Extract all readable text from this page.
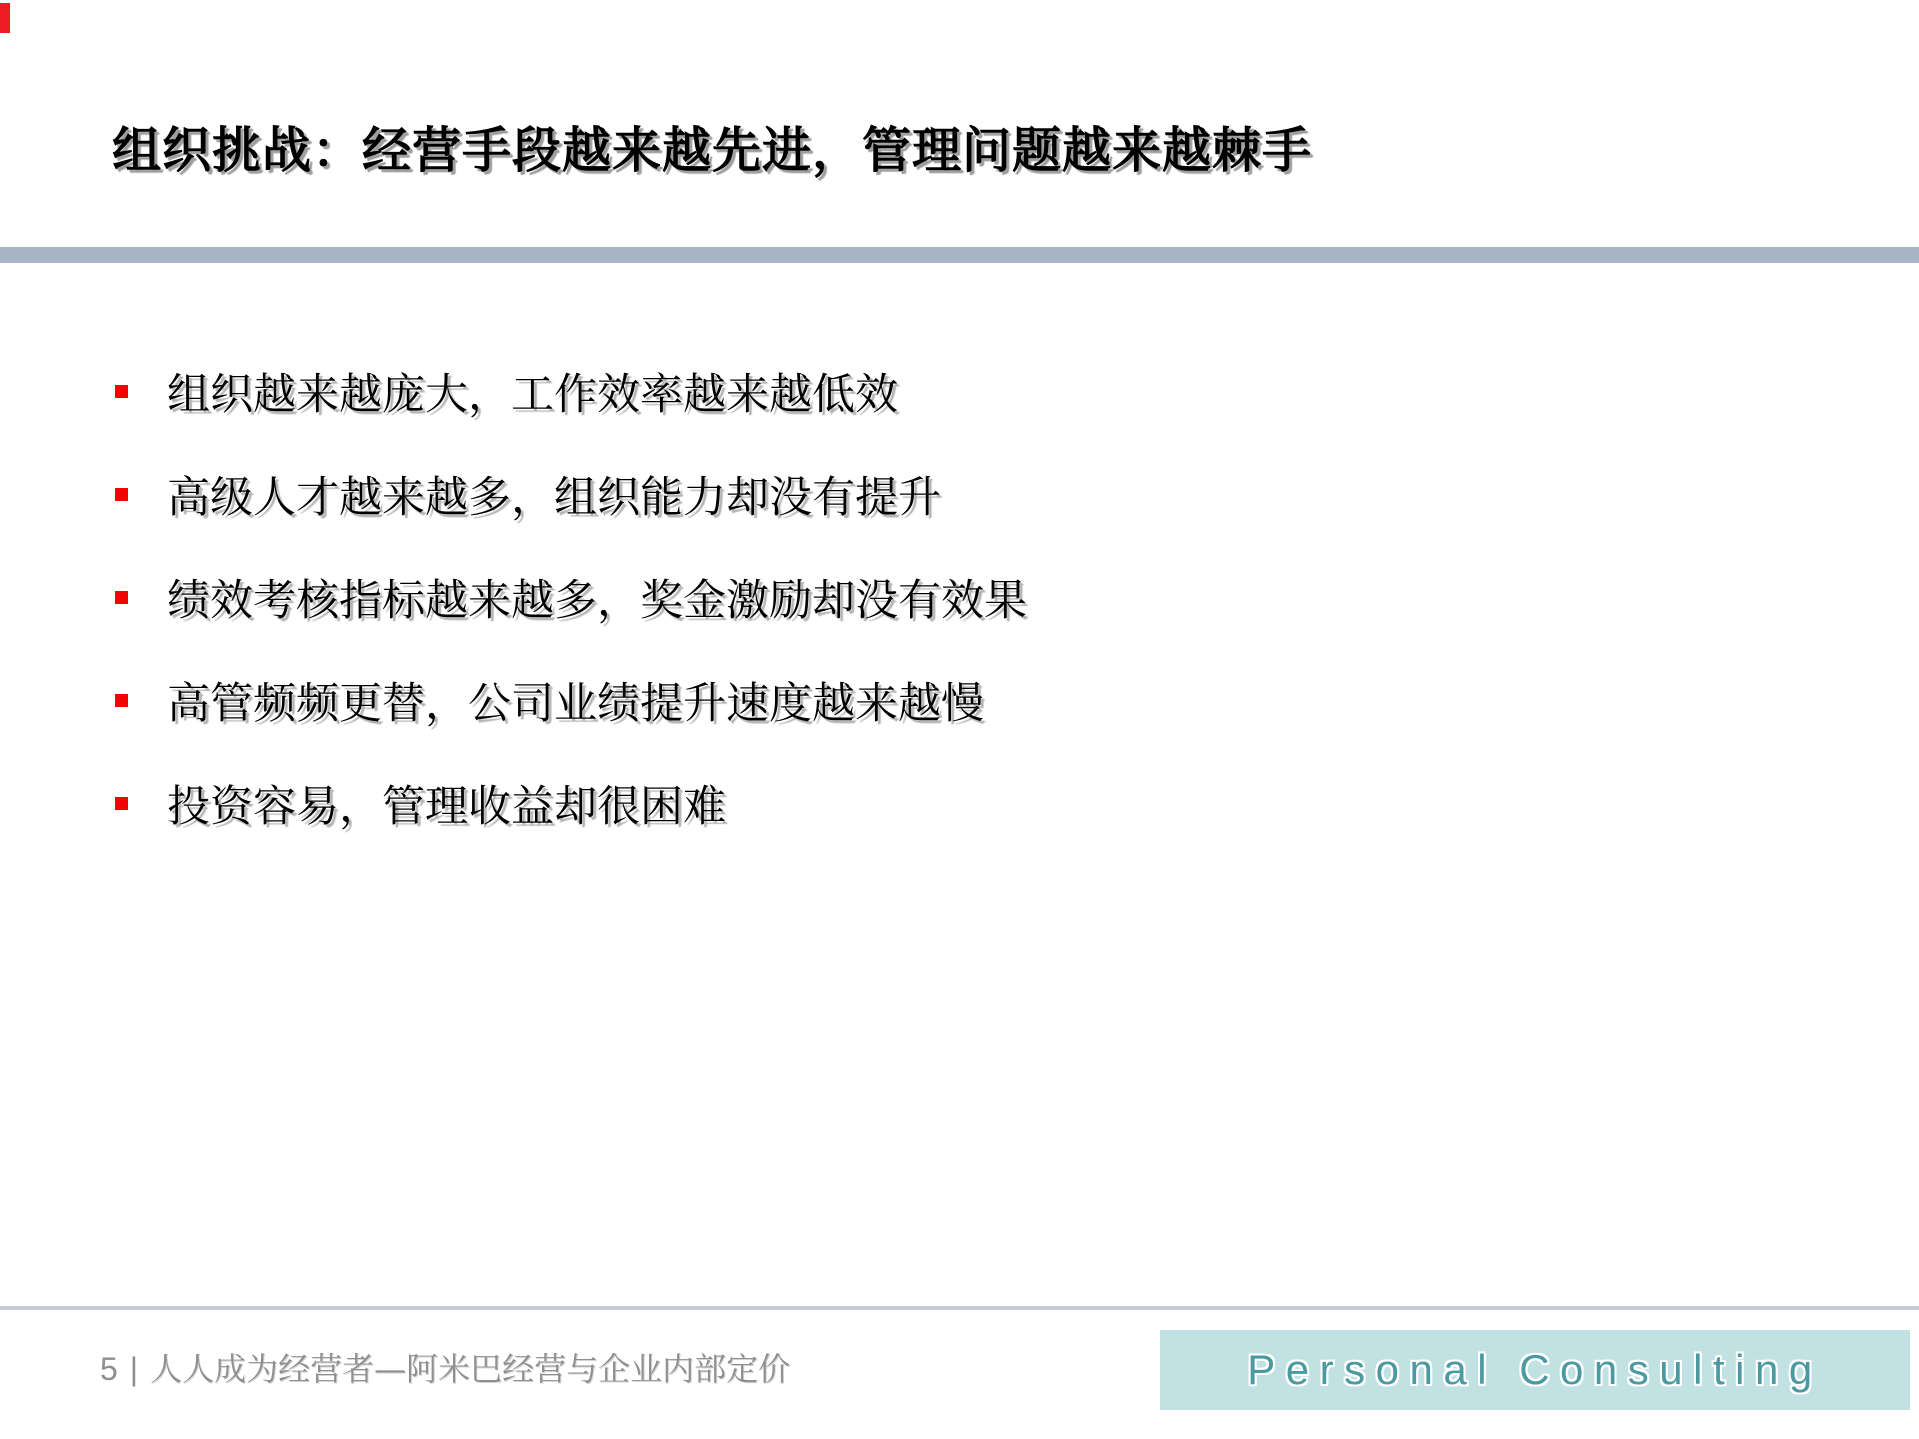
组织挑战：经营手段越来越先进，管理问题越来越棘手
组织越来越庞大，工作效率越来越低效
高级人才越来越多，组织能力却没有提升
绩效考核指标越来越多，奖金激励却没有效果
高管频频更替，公司业绩提升速度越来越慢
投资容易，管理收益却很困难
5 | 人人成为经营者—阿米巴经营与企业内部定价	Personal Consulting
